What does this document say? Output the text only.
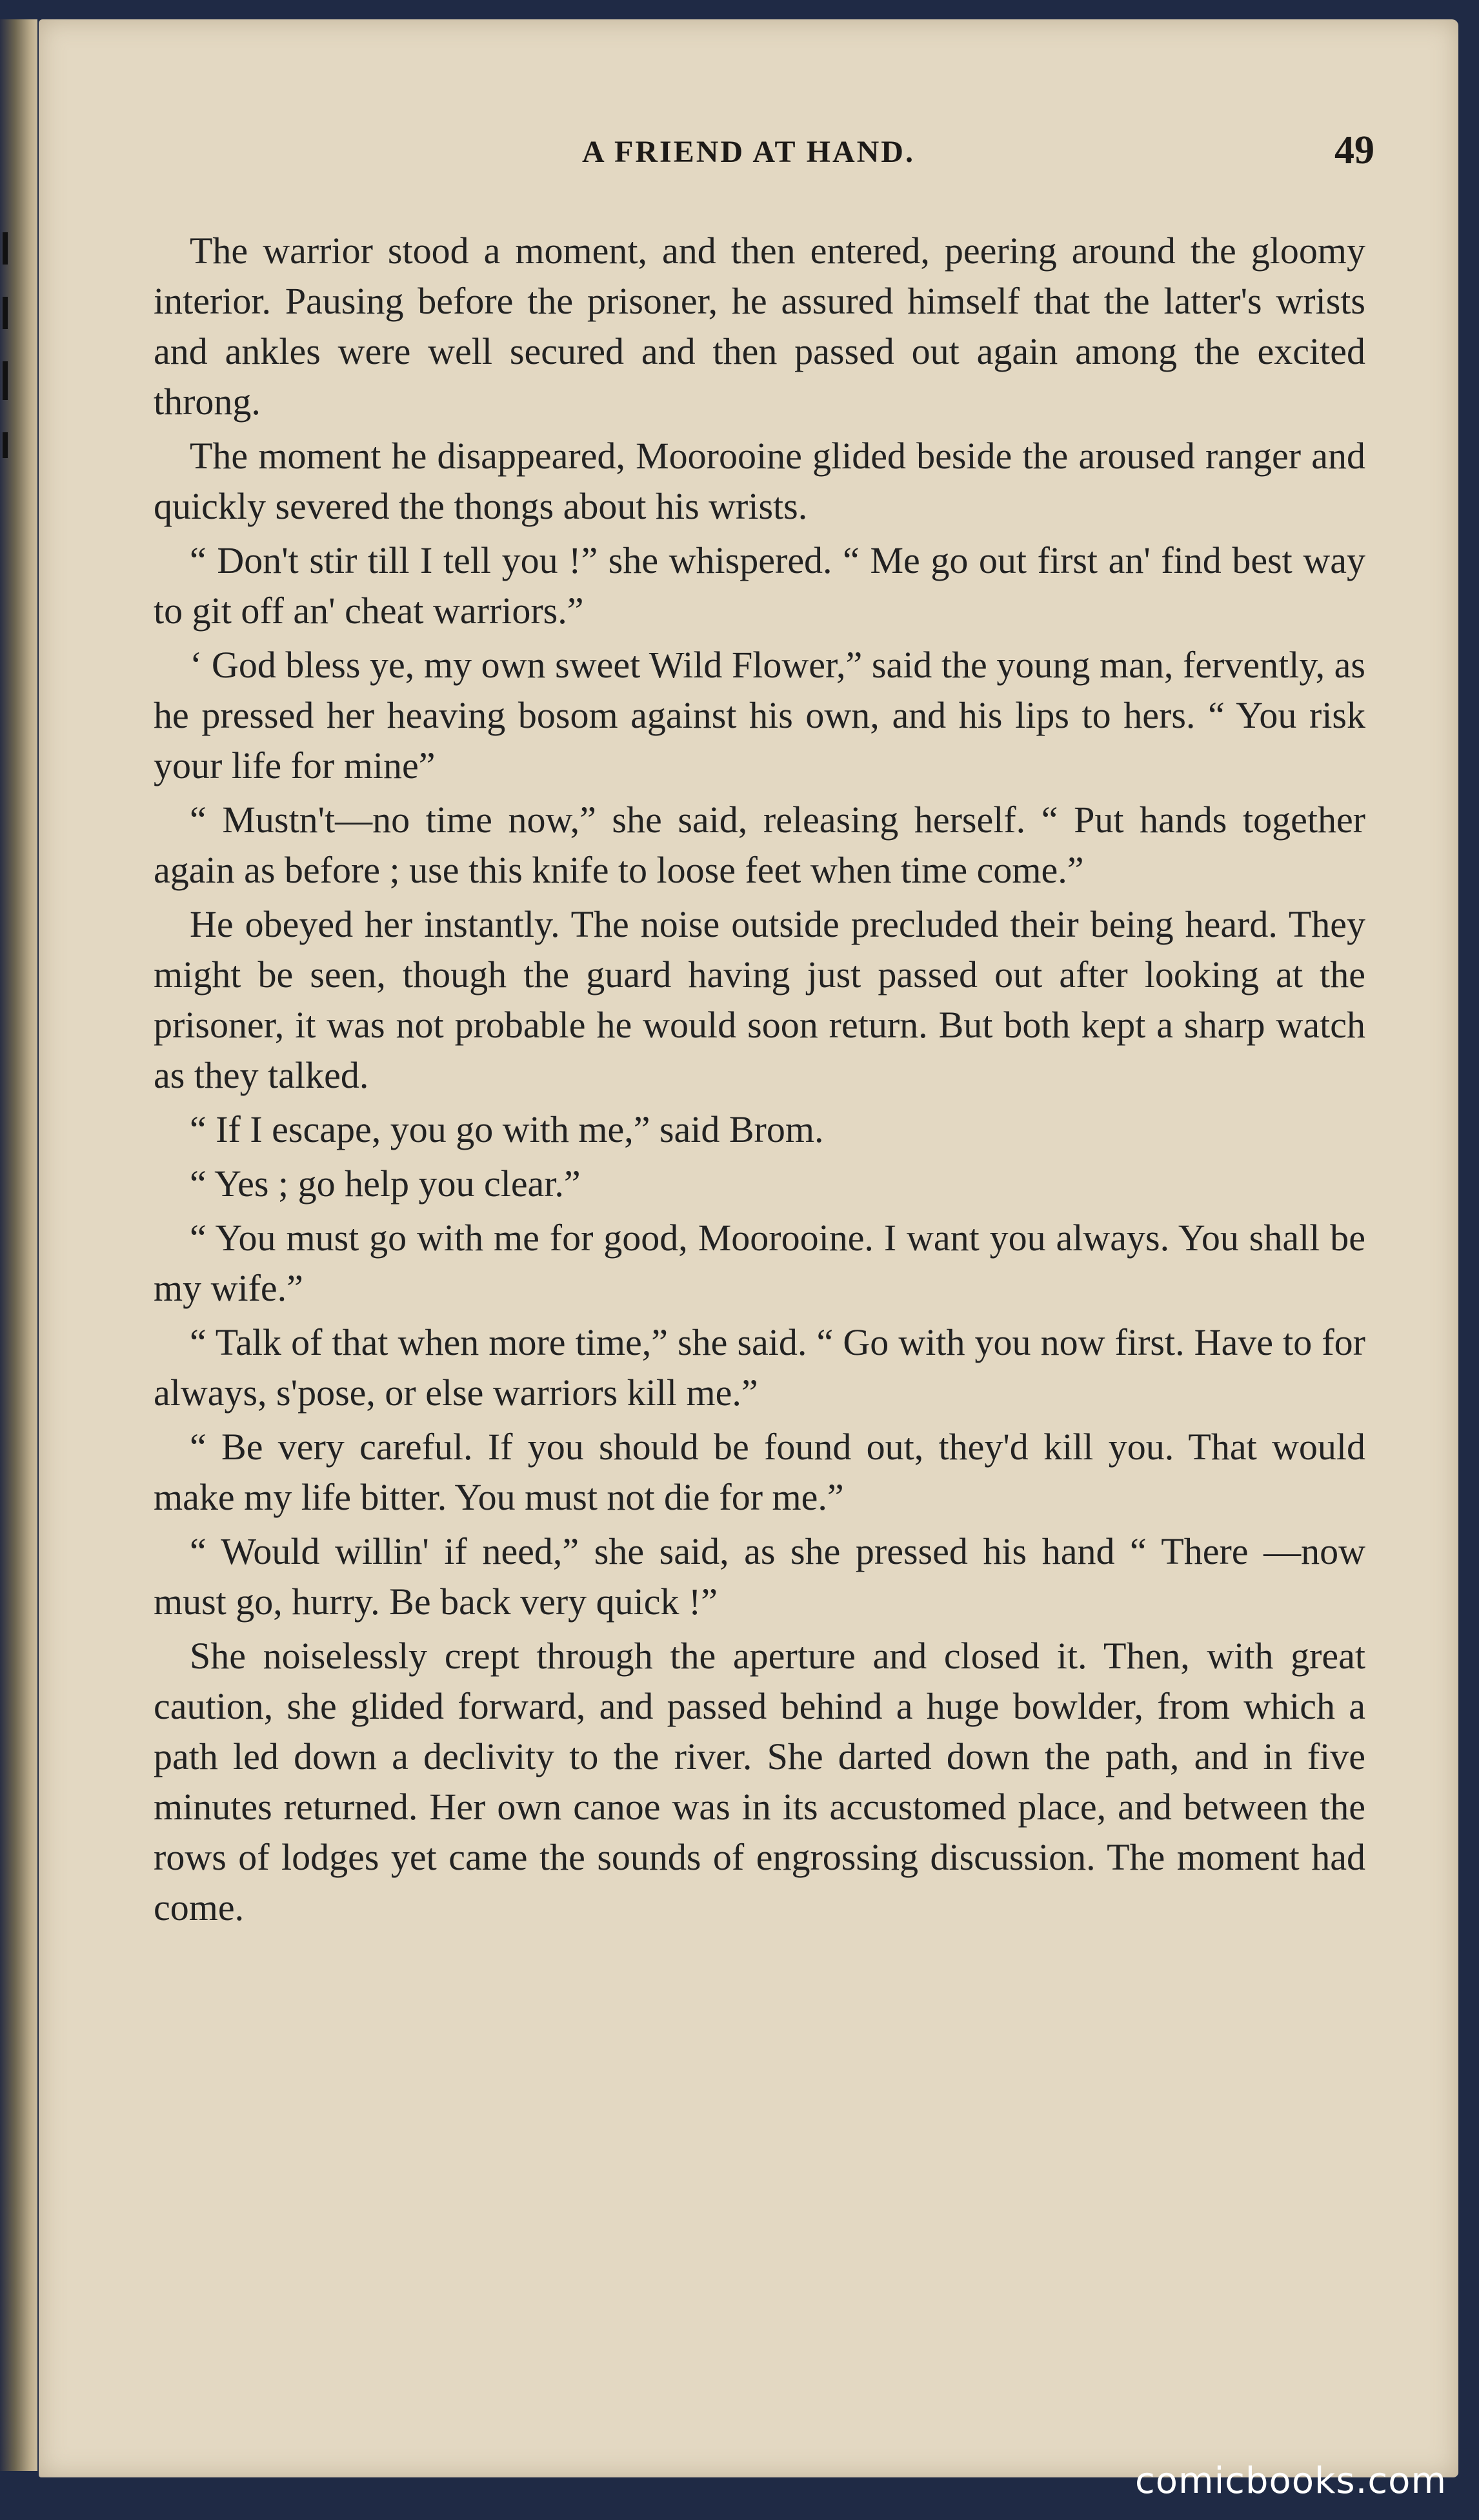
A FRIEND AT HAND.	49

The warrior stood a moment, and then entered, peering around the gloomy interior. Pausing before the prisoner, he assured himself that the latter's wrists and ankles were well secured and then passed out again among the excited throng.

The moment he disappeared, Moorooine glided beside the aroused ranger and quickly severed the thongs about his wrists.

“ Don't stir till I tell you !” she whispered. “ Me go out first an' find best way to git off an' cheat warriors.”

‘ God bless ye, my own sweet Wild Flower,” said the young man, fervently, as he pressed her heaving bosom against his own, and his lips to hers. “ You risk your life for mine”

“ Mustn't—no time now,” she said, releasing herself. “ Put hands together again as before ; use this knife to loose feet when time come.”

He obeyed her instantly. The noise outside precluded their being heard. They might be seen, though the guard having just passed out after looking at the prisoner, it was not probable he would soon return. But both kept a sharp watch as they talked.

“ If I escape, you go with me,” said Brom.

“ Yes ; go help you clear.”

“ You must go with me for good, Moorooine. I want you always. You shall be my wife.”

“ Talk of that when more time,” she said. “ Go with you now first. Have to for always, s'pose, or else warriors kill me.”

“ Be very careful. If you should be found out, they'd kill you. That would make my life bitter. You must not die for me.”

“ Would willin' if need,” she said, as she pressed his hand “ There —now must go, hurry. Be back very quick !”

She noiselessly crept through the aperture and closed it. Then, with great caution, she glided forward, and passed behind a huge bowlder, from which a path led down a declivity to the river. She darted down the path, and in five minutes returned. Her own canoe was in its accustomed place, and between the rows of lodges yet came the sounds of engrossing discussion. The moment had come.

comicbooks.com
